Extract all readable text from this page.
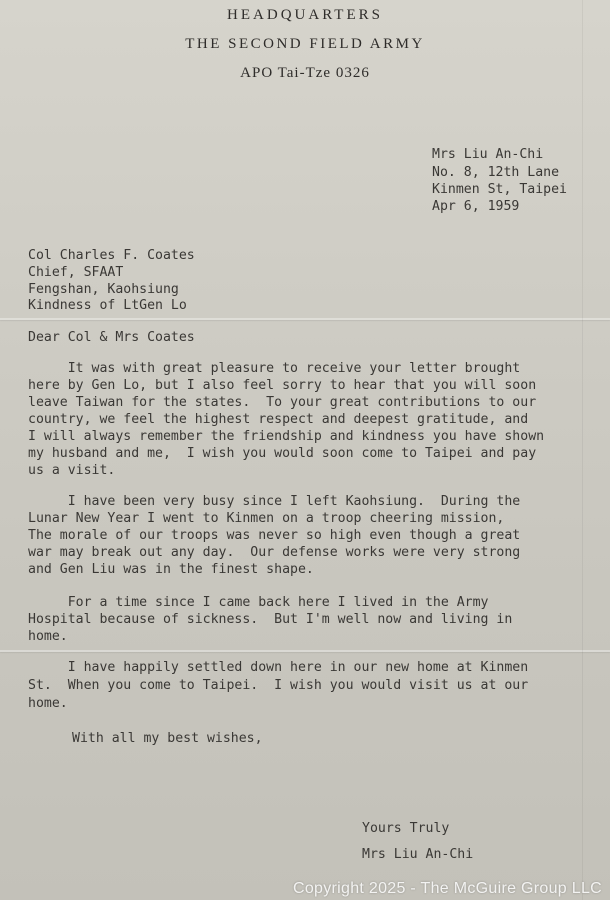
HEADQUARTERS
THE SECOND FIELD ARMY
APO Tai-Tze 0326
Mrs Liu An-Chi
No. 8, 12th Lane
Kinmen St, Taipei
Apr 6, 1959
Col Charles F. Coates
Chief, SFAAT
Fengshan, Kaohsiung
Kindness of LtGen Lo
Dear Col & Mrs Coates
It was with great pleasure to receive your letter brought
here by Gen Lo, but I also feel sorry to hear that you will soon
leave Taiwan for the states.  To your great contributions to our
country, we feel the highest respect and deepest gratitude, and
I will always remember the friendship and kindness you have shown
my husband and me,  I wish you would soon come to Taipei and pay
us a visit.
I have been very busy since I left Kaohsiung.  During the
Lunar New Year I went to Kinmen on a troop cheering mission,
The morale of our troops was never so high even though a great
war may break out any day.  Our defense works were very strong
and Gen Liu was in the finest shape.
For a time since I came back here I lived in the Army
Hospital because of sickness.  But I'm well now and living in
home.
I have happily settled down here in our new home at Kinmen
St.  When you come to Taipei.  I wish you would visit us at our
home.
With all my best wishes,
Yours Truly
Mrs Liu An-Chi
Copyright 2025 - The McGuire Group LLC
